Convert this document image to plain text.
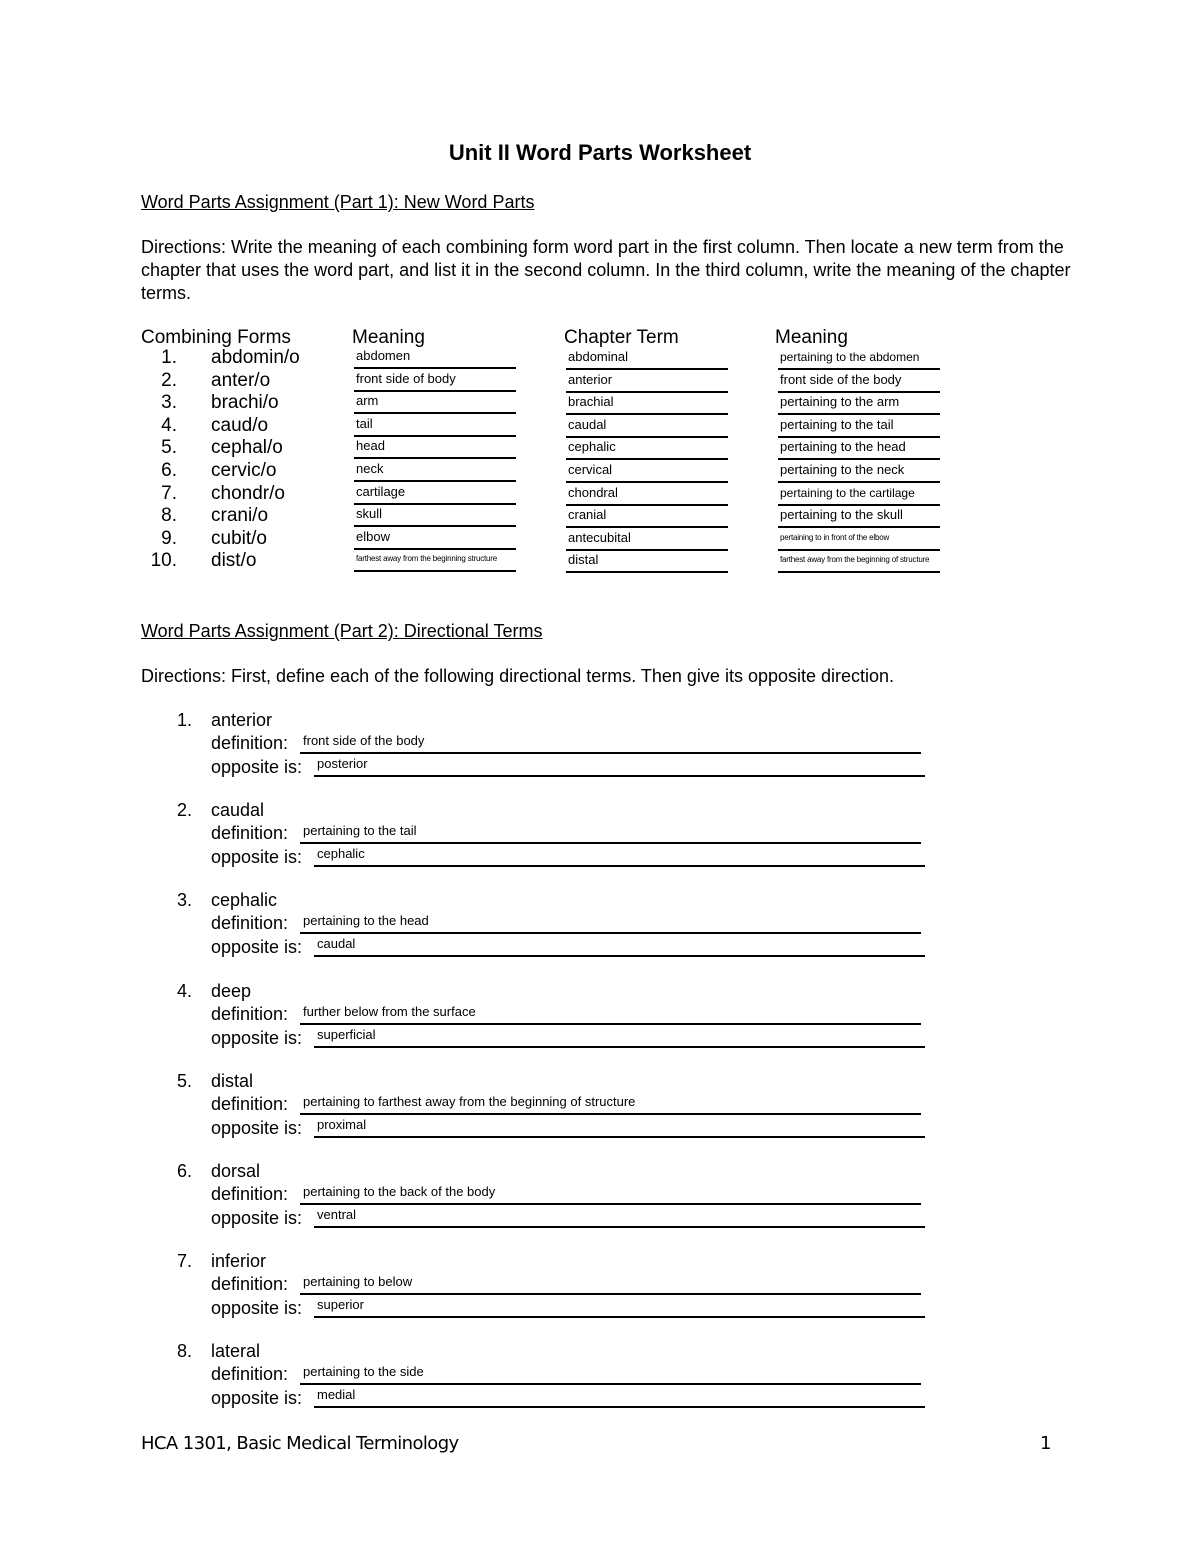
Unit II Word Parts Worksheet
Word Parts Assignment (Part 1): New Word Parts
Directions: Write the meaning of each combining form word part in the first column. Then locate a new term from the chapter that uses the word part, and list it in the second column. In the third column, write the meaning of the chapter terms.
Combining Forms	Meaning	Chapter Term	Meaning
1. abdomin/o	abdomen	abdominal	pertaining to the abdomen
2. anter/o	front side of body	anterior	front side of the body
3. brachi/o	arm	brachial	pertaining to the arm
4. caud/o	tail	caudal	pertaining to the tail
5. cephal/o	head	cephalic	pertaining to the head
6. cervic/o	neck	cervical	pertaining to the neck
7. chondr/o	cartilage	chondral	pertaining to the cartilage
8. crani/o	skull	cranial	pertaining to the skull
9. cubit/o	elbow	antecubital	pertaining to in front of the elbow
10. dist/o	farthest away from the beginning structure	distal	farthest away from the beginning of structure
1. anterior
definition: front side of the body
opposite is: posterior
2. caudal
definition: pertaining to the tail
opposite is: cephalic
3. cephalic
definition: pertaining to the head
opposite is: caudal
4. deep
definition: further below from the surface
opposite is: superficial
5. distal
definition: pertaining to farthest away from the beginning of structure
opposite is: proximal
6. dorsal
definition: pertaining to the back of the body
opposite is: ventral
7. inferior
definition: pertaining to below
opposite is: superior
8. lateral
definition: pertaining to the side
opposite is: medial
HCA 1301, Basic Medical Terminology	1
Word Parts Assignment (Part 2): Directional Terms
Directions: First, define each of the following directional terms. Then give its opposite direction.
